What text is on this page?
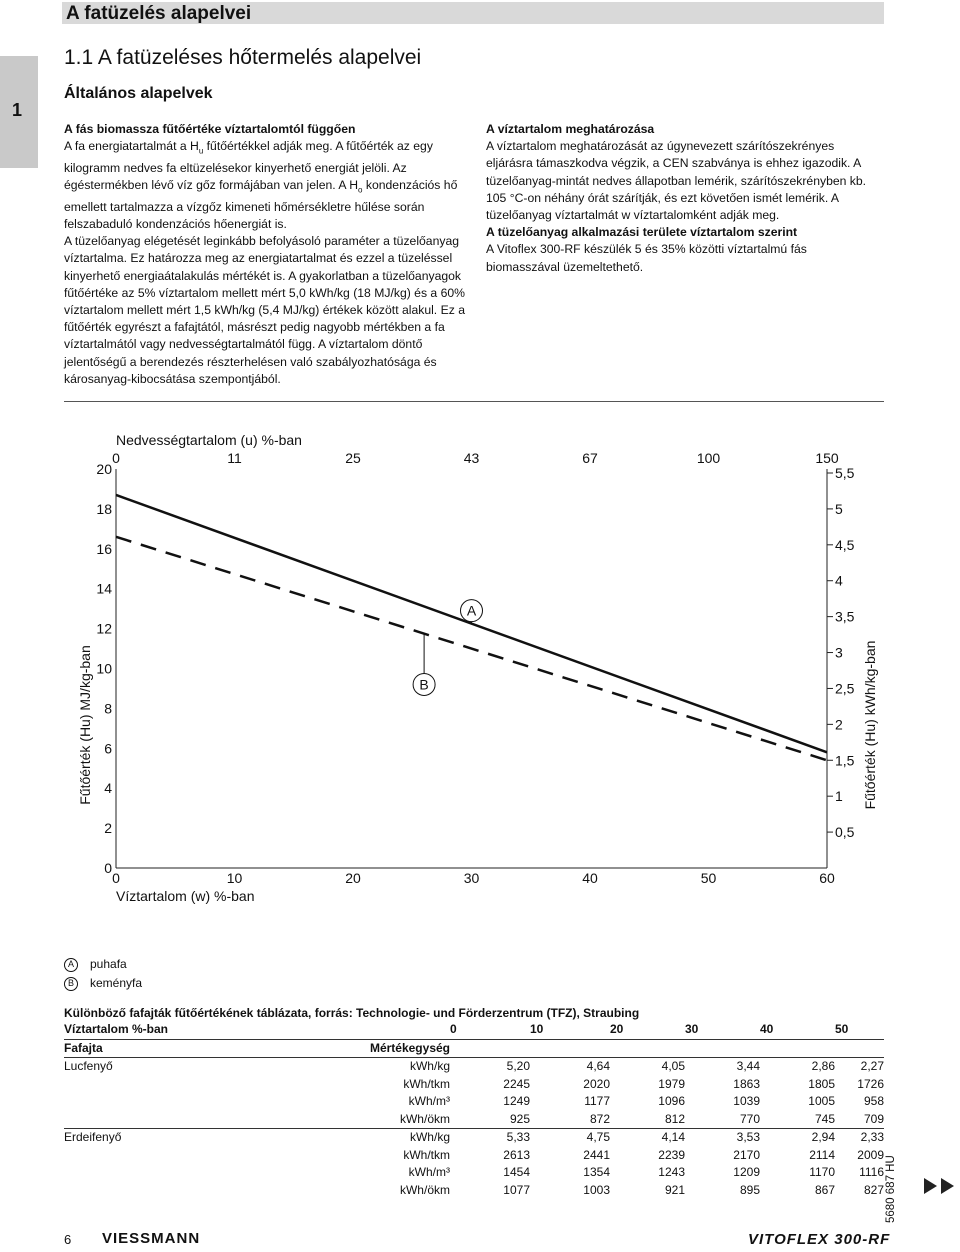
A fatüzelés alapelvei
1
1.1 A fatüzeléses hőtermelés alapelvei
Általános alapelvek

A fás biomassza fűtőértéke víztartalomtól függően

A fa energiatartalmát a $H_u$ fűtőértékkel adják meg. A fűtőérték az egy kilogramm nedves fa eltüzelésekor kinyerhető energiát jelöli. Az égéstermékben lévő víz gőz formájában van jelen. A $H_o$ kondenzációs hő emellett tartalmazza a vízgőz kimeneti hőmérsékletre hűlése során felszabaduló kondenzációs hőenergiát is.

A tüzelőanyag elégetését leginkább befolyásoló paraméter a tüzelőanyag víztartalma. Ez határozza meg az energiatartalmat és ezzel a tüzeléssel kinyerhető energiaátalakulás mértékét is. A gyakorlatban a tüzelőanyagok fűtőértéke az 5% víztartalom mellett mért 5,0 kWh/kg (18 MJ/kg) és a 60% víztartalom mellett mért 1,5 kWh/kg (5,4 MJ/kg) értékek között alakul. Ez a fűtőérték egyrészt a fafajtától, másrészt pedig nagyobb mértékben a fa víztartalmától vagy nedvességtartalmától függ. A víztartalom döntő jelentőségű a berendezés részterhelésen való szabályozhatósága és károsanyag-kibocsátása szempontjából.

A víztartalom meghatározása

A víztartalom meghatározását az úgynevezett szárítószekrényes eljárásra támaszkodva végzik, a CEN szabványa is ehhez igazodik. A tüzelőanyag-mintát nedves állapotban lemérik, szárítószekrényben kb. 105 °C-on néhány órát szárítják, és ezt követően ismét lemérik. A tüzelőanyag víztartalmát w víztartalomként adják meg.

A tüzelőanyag alkalmazási területe víztartalom szerint

A Vitoflex 300-RF készülék 5 és 35% közötti víztartalmú fás biomasszával üzemeltethető.

0	11	25	43	67	100	150
Nedvességtartalom (u) %-ban
0	10	20	30	40	50	60
Víztartalom (w) %-ban
0
2
4
6
8
10
12
14
16
18
20
Fűtőérték (Hu) MJ/kg-ban
0,5
1
1,5
2
2,5
3
3,5
4
4,5
5
5,5
Fűtőérték (Hu) kWh/kg-ban
A
B
A	puhafa
B	keményfa
Különböző fafajták fűtőértékének táblázata, forrás: Technologie- und Förderzentrum (TFZ), Straubing
Víztartalom %-ban		0	10	20	30	40	50
Fafajta	Mértékegység						
Lucfenyő	kWh/kg	5,20	4,64	4,05	3,44	2,86	2,27
	kWh/tkm	2245	2020	1979	1863	1805	1726
	kWh/m³	1249	1177	1096	1039	1005	958
	kWh/ökm	925	872	812	770	745	709
Erdeifenyő	kWh/kg	5,33	4,75	4,14	3,53	2,94	2,33
	kWh/tkm	2613	2441	2239	2170	2114	2009
	kWh/m³	1454	1354	1243	1209	1170	1116
	kWh/ökm	1077	1003	921	895	867	827 5680 687 HU
6 VIESSMANN	VITOFLEX 300-RF
